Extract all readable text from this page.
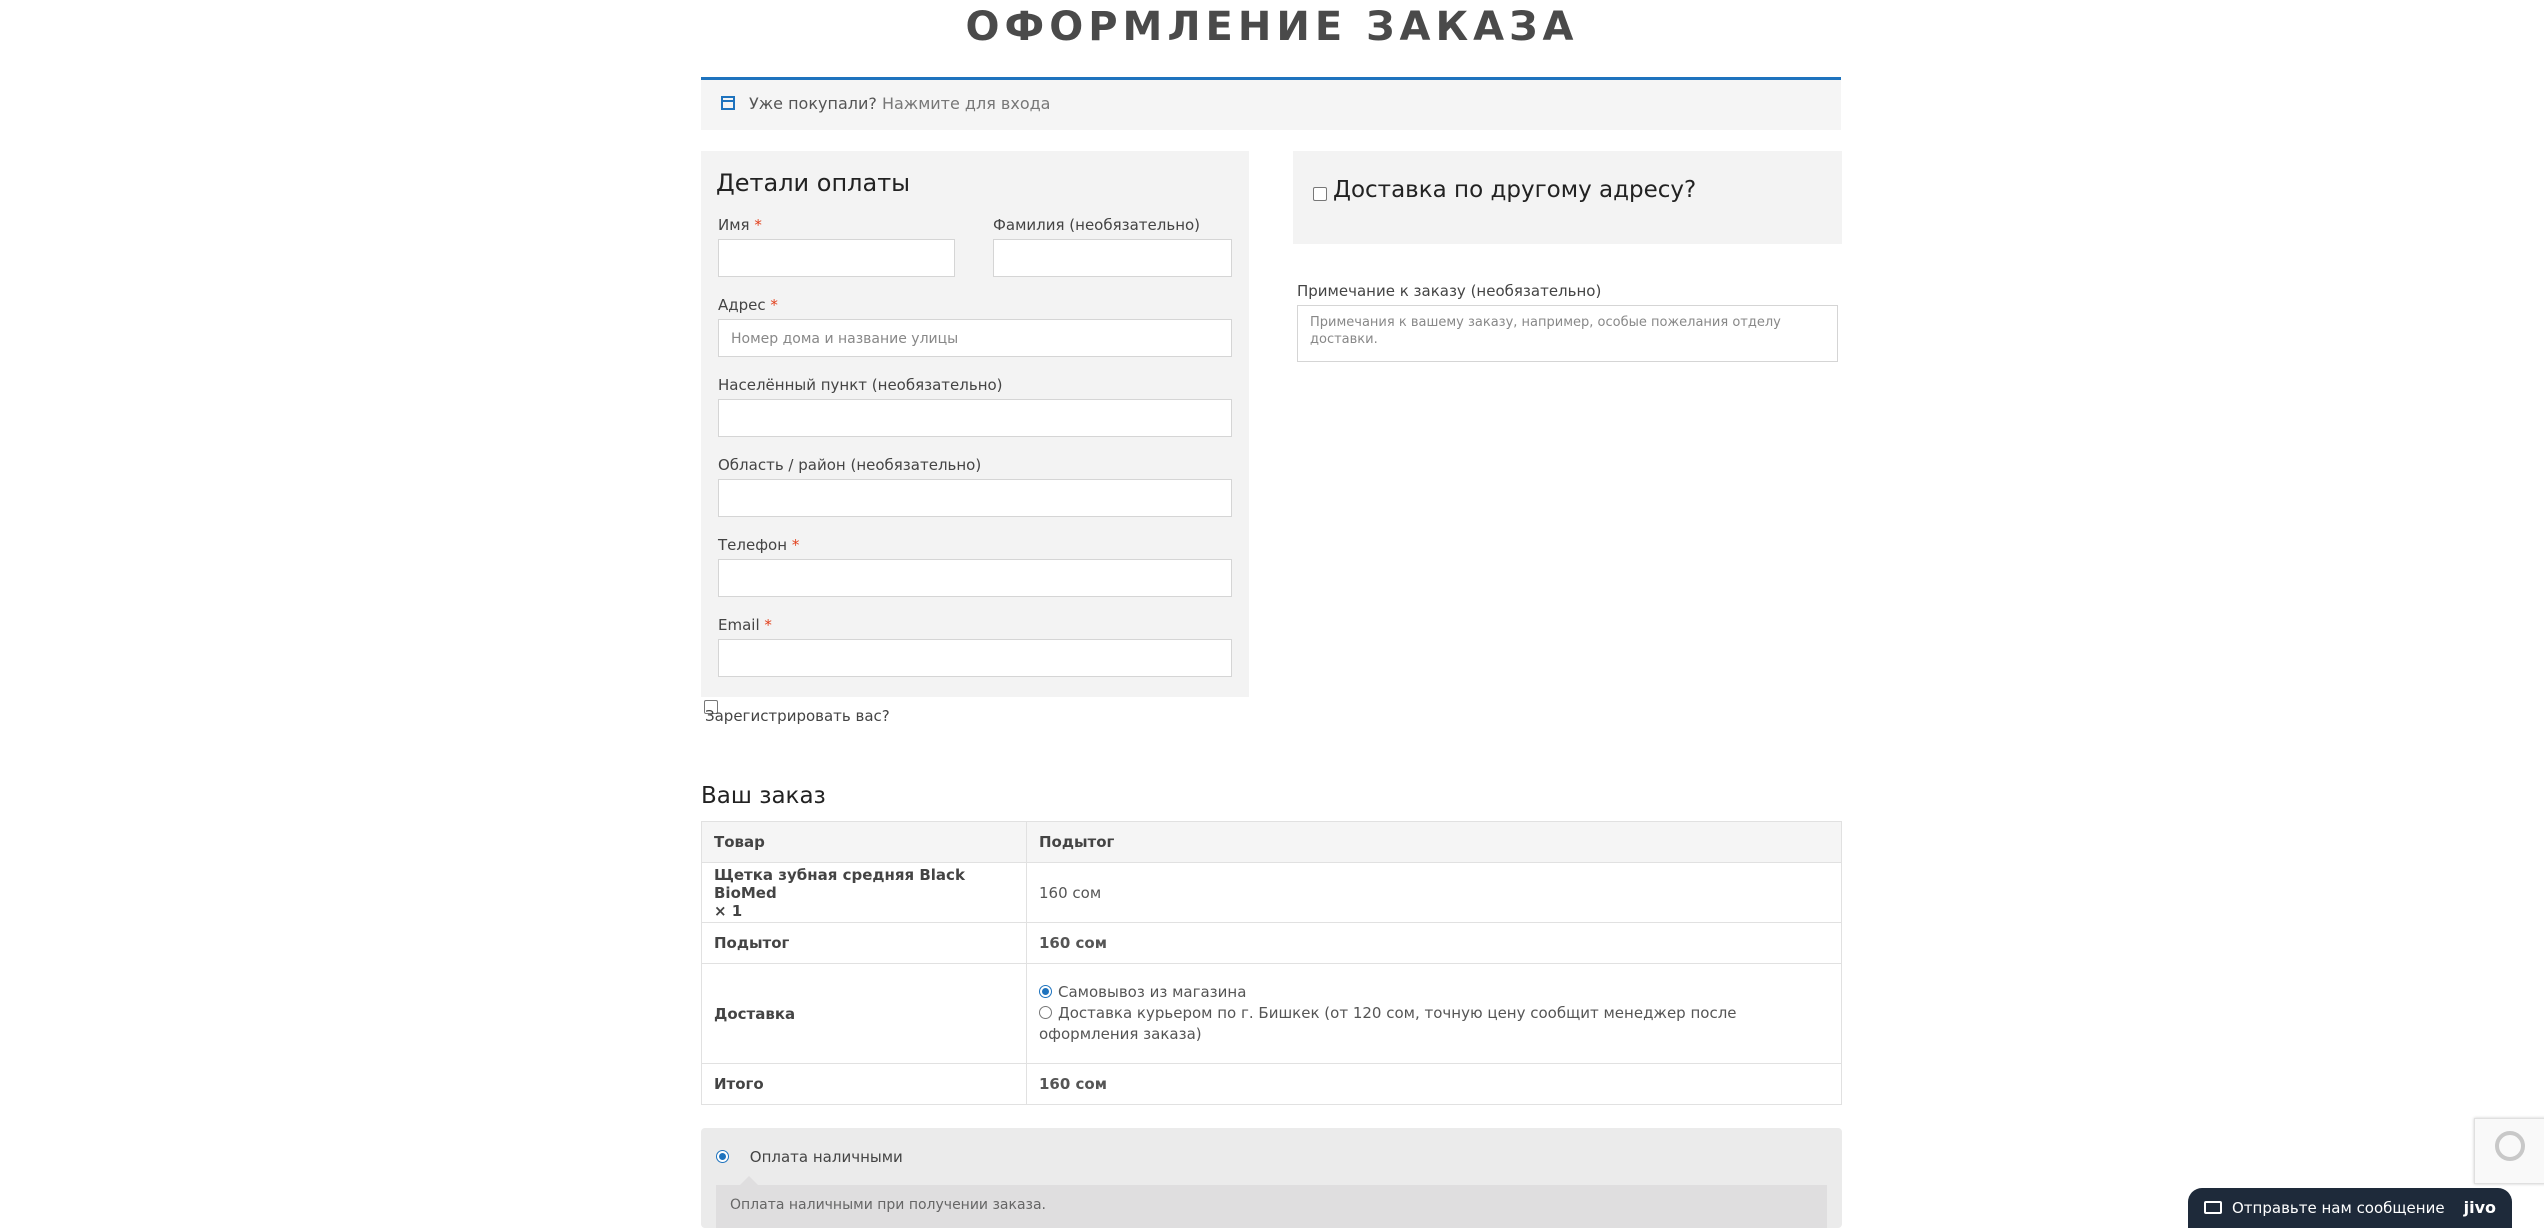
ОФОРМЛЕНИЕ ЗАКАЗА
Уже покупали? Нажмите для входа
Детали оплаты
Имя *	Фамилия (необязательно)
Адрес *
Номер дома и название улицы
Населённый пункт (необязательно)
Область / район (необязательно)
Телефон *
Email *
Доставка по другому адресу?
Примечание к заказу (необязательно)
Примечания к вашему заказу, например, особые пожелания отделу доставки.
Зарегистрировать вас?
Ваш заказ
Товар	Подытог
Щетка зубная средняя Black BioMed
× 1	160 сом
Подытог	160 сом
Доставка	Самовывоз из магазина
Доставка курьером по г. Бишкек (от 120 сом, точную цену сообщит менеджер после оформления заказа)

Итого	160 сом
Оплата наличными
Оплата наличными при получении заказа.	Отправьте нам сообщение jivo
